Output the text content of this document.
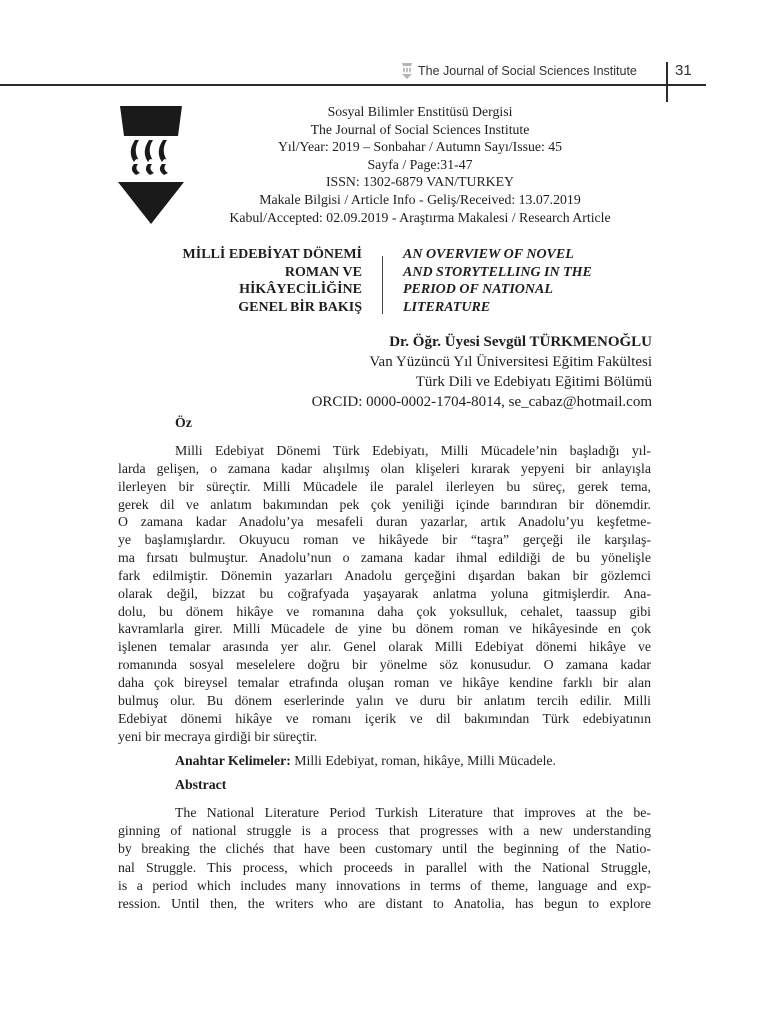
The Journal of Social Sciences Institute	31
Sosyal Bilimler Enstitüsü Dergisi
The Journal of Social Sciences Institute
Yıl/Year: 2019 – Sonbahar / Autumn Sayı/Issue: 45
Sayfa / Page:31-47
ISSN: 1302-6879 VAN/TURKEY
Makale Bilgisi / Article Info - Geliş/Received: 13.07.2019
Kabul/Accepted: 02.09.2019 - Araştırma Makalesi / Research Article
MİLLİ EDEBİYAT DÖNEMİ
ROMAN VE
HİKÂYECİLİĞİNE
GENEL BİR BAKIŞ
AN OVERVIEW OF NOVEL
AND STORYTELLING IN THE
PERIOD OF NATIONAL
LITERATURE
Dr. Öğr. Üyesi Sevgül TÜRKMENOĞLU
Van Yüzüncü Yıl Üniversitesi Eğitim Fakültesi
Türk Dili ve Edebiyatı Eğitimi Bölümü
ORCID: 0000-0002-1704-8014, se_cabaz@hotmail.com
Öz
Milli Edebiyat Dönemi Türk Edebiyatı, Milli Mücadele’nin başladığı yıl-
larda gelişen, o zamana kadar alışılmış olan klişeleri kırarak yepyeni bir anlayışla
ilerleyen bir süreçtir. Milli Mücadele ile paralel ilerleyen bu süreç, gerek tema,
gerek dil ve anlatım bakımından pek çok yeniliği içinde barındıran bir dönemdir.
O zamana kadar Anadolu’ya mesafeli duran yazarlar, artık Anadolu’yu keşfetme-
ye başlamışlardır. Okuyucu roman ve hikâyede bir “taşra” gerçeği ile karşılaş-
ma fırsatı bulmuştur. Anadolu’nun o zamana kadar ihmal edildiği de bu yönelişle
fark edilmiştir. Dönemin yazarları Anadolu gerçeğini dışardan bakan bir gözlemci
olarak değil, bizzat bu coğrafyada yaşayarak anlatma yoluna gitmişlerdir. Ana-
dolu, bu dönem hikâye ve romanına daha çok yoksulluk, cehalet, taassup gibi
kavramlarla girer. Milli Mücadele de yine bu dönem roman ve hikâyesinde en çok
işlenen temalar arasında yer alır. Genel olarak Milli Edebiyat dönemi hikâye ve
romanında sosyal meselelere doğru bir yönelme söz konusudur. O zamana kadar
daha çok bireysel temalar etrafında oluşan roman ve hikâye kendine farklı bir alan
bulmuş olur. Bu dönem eserlerinde yalın ve duru bir anlatım tercih edilir. Milli
Edebiyat dönemi hikâye ve romanı içerik ve dil bakımından Türk edebiyatının
yeni bir mecraya girdiği bir süreçtir.
Anahtar Kelimeler: Milli Edebiyat, roman, hikâye, Milli Mücadele.
Abstract
The National Literature Period Turkish Literature that improves at the be-
ginning of national struggle is a process that progresses with a new understanding
by breaking the clichés that have been customary until the beginning of the Natio-
nal Struggle. This process, which proceeds in parallel with the National Struggle,
is a period which includes many innovations in terms of theme, language and exp-
ression. Until then, the writers who are distant to Anatolia, has begun to explore
